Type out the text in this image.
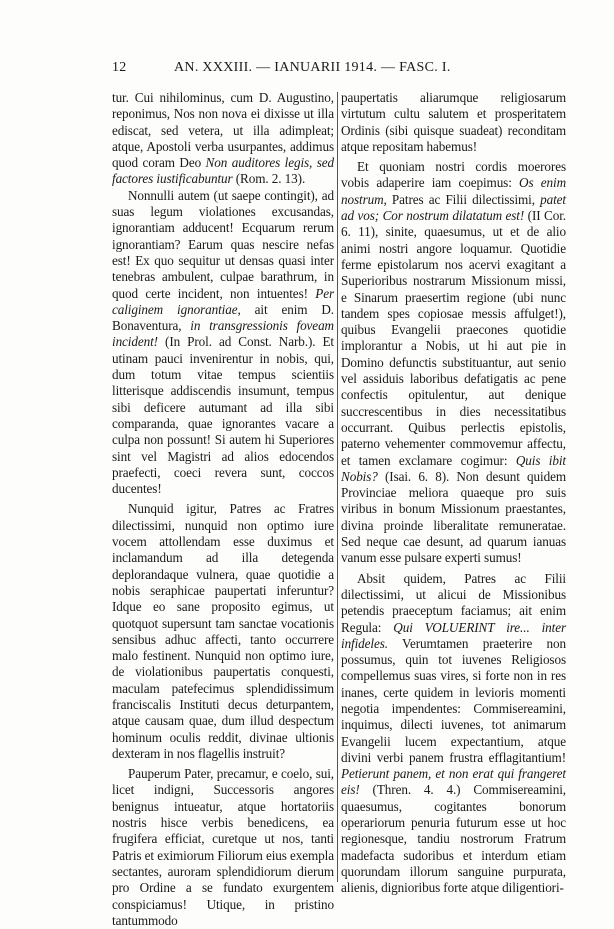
12	AN. XXXIII. — IANUARII 1914. — FASC. I.

tur. Cui nihilominus, cum D. Augustino, reponimus, Nos non nova ei dixisse ut illa ediscat, sed vetera, ut illa adimpleat; atque, Apostoli verba usurpantes, addimus quod coram Deo Non auditores legis, sed factores iustificabuntur (Rom. 2. 13).

Nonnulli autem (ut saepe contingit), ad suas legum violationes excusandas, ignorantiam adducent! Ecquarum rerum ignorantiam? Earum quas nescire nefas est! Ex quo sequitur ut densas quasi inter tenebras ambulent, culpae barathrum, in quod certe incident, non intuentes! Per caliginem ignorantiae, ait enim D. Bonaventura, in transgressionis foveam incident! (In Prol. ad Const. Narb.). Et utinam pauci invenirentur in nobis, qui, dum totum vitae tempus scientiis litterisque addiscendis insumunt, tempus sibi deficere autumant ad illa sibi comparanda, quae ignorantes vacare a culpa non possunt! Si autem hi Superiores sint vel Magistri ad alios edocendos praefecti, coeci revera sunt, coccos ducentes!

Nunquid igitur, Patres ac Fratres dilectissimi, nunquid non optimo iure vocem attollendam esse duximus et inclamandum ad illa detegenda deplorandaque vulnera, quae quotidie a nobis seraphicae paupertati inferuntur? Idque eo sane proposito egimus, ut quotquot supersunt tam sanctae vocationis sensibus adhuc affecti, tanto occurrere malo festinent. Nunquid non optimo iure, de violationibus paupertatis conquesti, maculam patefecimus splendidissimum franciscalis Instituti decus deturpantem, atque causam quae, dum illud despectum hominum oculis reddit, divinae ultionis dexteram in nos flagellis instruit?

Pauperum Pater, precamur, e coelo, sui, licet indigni, Successoris angores benignus intueatur, atque hortatoriis nostris hisce verbis benedicens, ea frugifera efficiat, curetque ut nos, tanti Patris et eximiorum Filiorum eius exempla sectantes, auroram splendidiorum dierum pro Ordine a se fundato exurgentem conspiciamus! Utique, in pristino tantummodo

paupertatis aliarumque religiosarum virtutum cultu salutem et prosperitatem Ordinis (sibi quisque suadeat) reconditam atque repositam habemus!

Et quoniam nostri cordis moerores vobis adaperire iam coepimus: Os enim nostrum, Patres ac Filii dilectissimi, patet ad vos; Cor nostrum dilatatum est! (II Cor. 6. 11), sinite, quaesumus, ut et de alio animi nostri angore loquamur. Quotidie ferme epistolarum nos acervi exagitant a Superioribus nostrarum Missionum missi, e Sinarum praesertim regione (ubi nunc tandem spes copiosae messis affulget!), quibus Evangelii praecones quotidie implorantur a Nobis, ut hi aut pie in Domino defunctis substituantur, aut senio vel assiduis laboribus defatigatis ac pene confectis opitulentur, aut denique succrescentibus in dies necessitatibus occurrant. Quibus perlectis epistolis, paterno vehementer commovemur affectu, et tamen exclamare cogimur: Quis ibit Nobis? (Isai. 6. 8). Non desunt quidem Provinciae meliora quaeque pro suis viribus in bonum Missionum praestantes, divina proinde liberalitate remuneratae. Sed neque cae desunt, ad quarum ianuas vanum esse pulsare experti sumus!

Absit quidem, Patres ac Filii dilectissimi, ut alicui de Missionibus petendis praeceptum faciamus; ait enim Regula: Qui VOLUERINT ire... inter infideles. Verumtamen praeterire non possumus, quin tot iuvenes Religiosos compellemus suas vires, si forte non in res inanes, certe quidem in levioris momenti negotia impendentes: Commisereamini, inquimus, dilecti iuvenes, tot animarum Evangelii lucem expectantium, atque divini verbi panem frustra efflagitantium! Petierunt panem, et non erat qui frangeret eis! (Thren. 4. 4.) Commisereamini, quaesumus, cogitantes bonorum operariorum penuria futurum esse ut hoc regionesque, tandiu nostrorum Fratrum madefacta sudoribus et interdum etiam quorundam illorum sanguine purpurata, alienis, dignioribus forte atque diligentiori-
